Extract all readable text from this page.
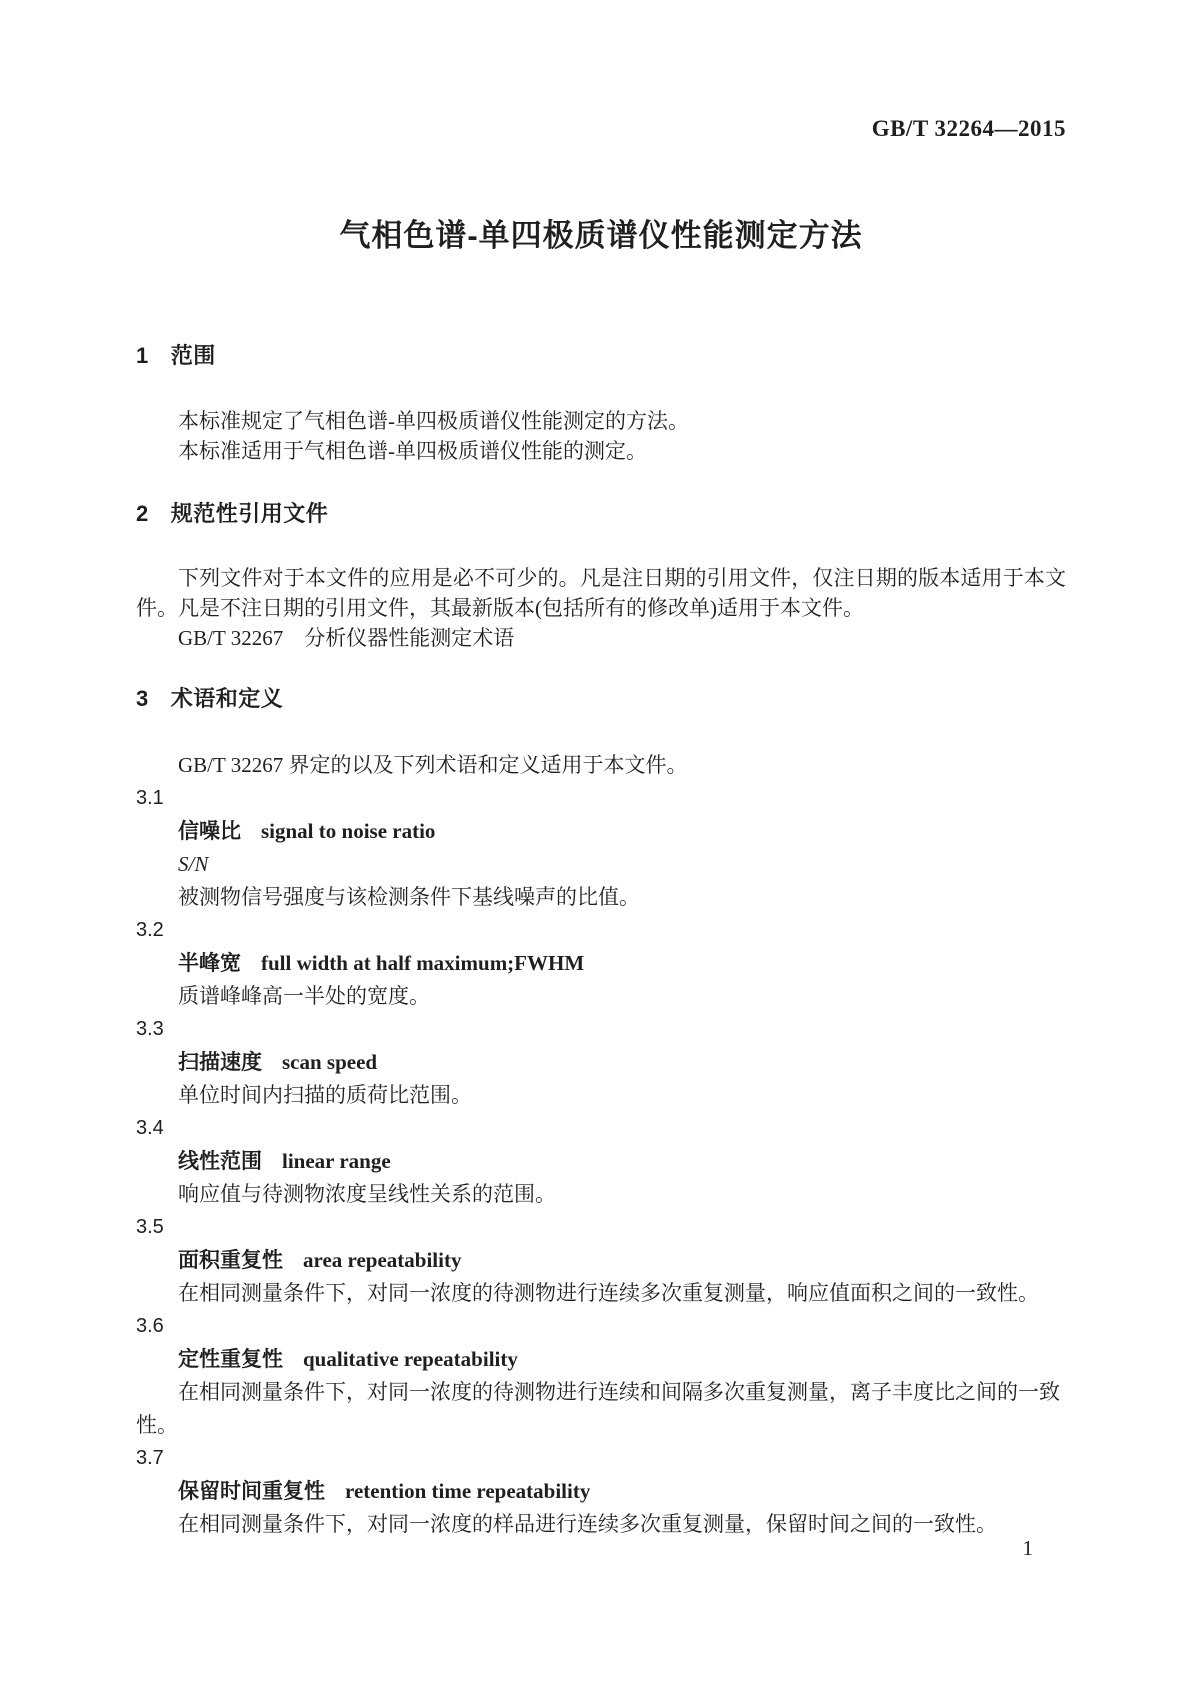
GB/T 32264—2015
气相色谱-单四极质谱仪性能测定方法
1 范围

本标准规定了气相色谱-单四极质谱仪性能测定的方法。

本标准适用于气相色谱-单四极质谱仪性能的测定。

2 规范性引用文件

下列文件对于本文件的应用是必不可少的。凡是注日期的引用文件，仅注日期的版本适用于本文件。凡是不注日期的引用文件，其最新版本(包括所有的修改单)适用于本文件。

GB/T 32267　分析仪器性能测定术语

3 术语和定义

GB/T 32267 界定的以及下列术语和定义适用于本文件。

3.1
信噪比 signal to noise ratio
S/N
被测物信号强度与该检测条件下基线噪声的比值。
3.2
半峰宽 full width at half maximum;FWHM
质谱峰峰高一半处的宽度。
3.3
扫描速度 scan speed
单位时间内扫描的质荷比范围。
3.4
线性范围 linear range
响应值与待测物浓度呈线性关系的范围。
3.5
面积重复性 area repeatability
在相同测量条件下，对同一浓度的待测物进行连续多次重复测量，响应值面积之间的一致性。
3.6
定性重复性 qualitative repeatability
在相同测量条件下，对同一浓度的待测物进行连续和间隔多次重复测量，离子丰度比之间的一致性。
3.7
保留时间重复性 retention time repeatability
在相同测量条件下，对同一浓度的样品进行连续多次重复测量，保留时间之间的一致性。
1
